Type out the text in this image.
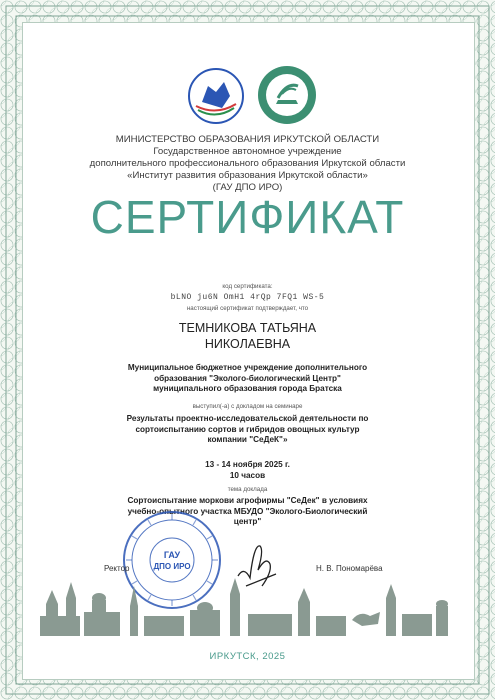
МИНИСТЕРСТВО ОБРАЗОВАНИЯ ИРКУТСКОЙ ОБЛАСТИ
Государственное автономное учреждение
дополнительного профессионального образования Иркутской области
«Институт развития образования Иркутской области»
(ГАУ ДПО ИРО)
СЕРТИФИКАТ
код сертификата:
bLNO ju6N OmH1 4rQp 7FQ1 WS-5
настоящий сертификат подтверждает, что
ТЕМНИКОВА ТАТЬЯНА
НИКОЛАЕВНА
Муниципальное бюджетное учреждение дополнительного
образования "Эколого-биологический Центр"
муниципального образования города Братска
выступил(-а) с докладом на семинаре
Результаты проектно-исследовательской деятельности по
сортоиспытанию сортов и гибридов овощных культур
компании "СеДеК"»
13 - 14 ноября 2025 г.
10 часов
тема доклада
Сортоиспытание моркови агрофирмы "СеДек" в условиях
учебно-опытного участка МБУДО "Эколого-Биологический
центр"
ГАУ
ДПО ИРО
Ректор	Н. В. Пономарёва
ИРКУТСК, 2025
